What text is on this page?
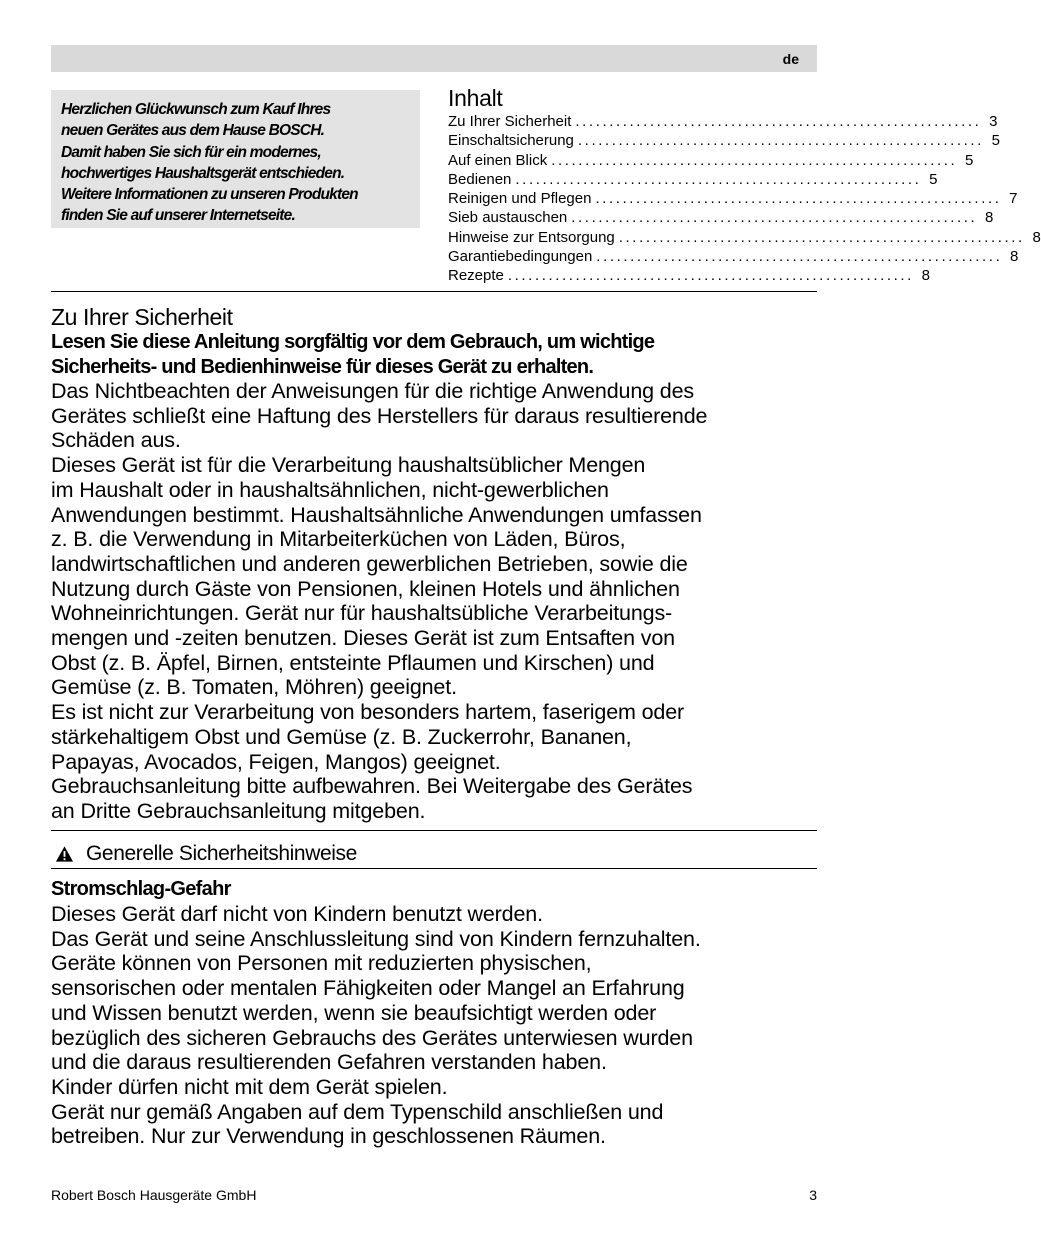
de
Herzlichen Glückwunsch zum Kauf Ihres
neuen Gerätes aus dem Hause BOSCH.
Damit haben Sie sich für ein modernes,
hochwertiges Haushaltsgerät entschieden.
Weitere Informationen zu unseren Produkten
finden Sie auf unserer Internetseite.
Inhalt
Zu Ihrer Sicherheit ............................................................ 3
Einschaltsicherung ............................................................ 5
Auf einen Blick ............................................................ 5
Bedienen ............................................................ 5
Reinigen und Pflegen ............................................................ 7
Sieb austauschen ............................................................ 8
Hinweise zur Entsorgung ............................................................ 8
Garantiebedingungen ............................................................ 8
Rezepte ............................................................ 8
Zu Ihrer Sicherheit
Lesen Sie diese Anleitung sorgfältig vor dem Gebrauch, um wichtige
Sicherheits- und Bedienhinweise für dieses Gerät zu erhalten.
Das Nichtbeachten der Anweisungen für die richtige Anwendung des
Gerätes schließt eine Haftung des Herstellers für daraus resultierende
Schäden aus.
Dieses Gerät ist für die Verarbeitung haushaltsüblicher Mengen
im Haushalt oder in haushaltsähnlichen, nicht-gewerblichen
Anwendungen bestimmt. Haushaltsähnliche Anwendungen umfassen
z. B. die Verwendung in Mitarbeiterküchen von Läden, Büros,
landwirtschaftlichen und anderen gewerblichen Betrieben, sowie die
Nutzung durch Gäste von Pensionen, kleinen Hotels und ähnlichen
Wohneinrichtungen. Gerät nur für haushaltsübliche Verarbeitungs-
mengen und -zeiten benutzen. Dieses Gerät ist zum Entsaften von
Obst (z. B. Äpfel, Birnen, entsteinte Pflaumen und Kirschen) und
Gemüse (z. B. Tomaten, Möhren) geeignet.
Es ist nicht zur Verarbeitung von besonders hartem, faserigem oder
stärkehaltigem Obst und Gemüse (z. B. Zuckerrohr, Bananen,
Papayas, Avocados, Feigen, Mangos) geeignet.
Gebrauchsanleitung bitte aufbewahren. Bei Weitergabe des Gerätes
an Dritte Gebrauchsanleitung mitgeben.
Generelle Sicherheitshinweise
Stromschlag-Gefahr
Dieses Gerät darf nicht von Kindern benutzt werden.
Das Gerät und seine Anschlussleitung sind von Kindern fernzuhalten.
Geräte können von Personen mit reduzierten physischen,
sensorischen oder mentalen Fähigkeiten oder Mangel an Erfahrung
und Wissen benutzt werden, wenn sie beaufsichtigt werden oder
bezüglich des sicheren Gebrauchs des Gerätes unterwiesen wurden
und die daraus resultierenden Gefahren verstanden haben.
Kinder dürfen nicht mit dem Gerät spielen.
Gerät nur gemäß Angaben auf dem Typenschild anschließen und
betreiben. Nur zur Verwendung in geschlossenen Räumen.
Robert Bosch Hausgeräte GmbH	3
